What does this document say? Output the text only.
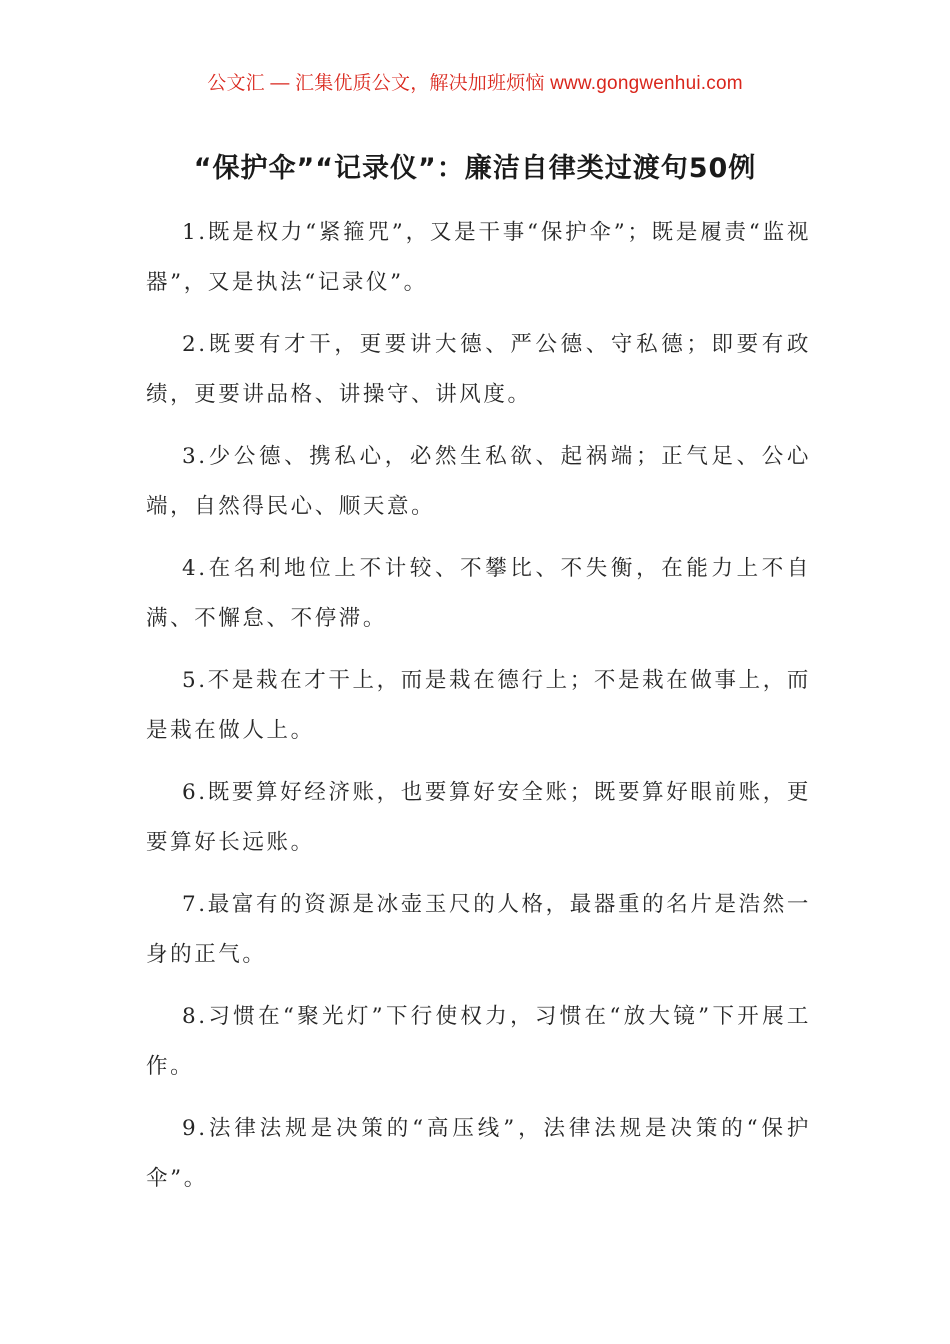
公文汇 — 汇集优质公文，解决加班烦恼 www.gongwenhui.com
“保护伞”“记录仪”：廉洁自律类过渡句50例

1.既是权力“紧箍咒”，又是干事“保护伞”；既是履责“监视器”，又是执法“记录仪”。

2.既要有才干，更要讲大德、严公德、守私德；即要有政绩，更要讲品格、讲操守、讲风度。

3.少公德、携私心，必然生私欲、起祸端；正气足、公心端，自然得民心、顺天意。

4.在名利地位上不计较、不攀比、不失衡，在能力上不自满、不懈怠、不停滞。

5.不是栽在才干上，而是栽在德行上；不是栽在做事上，而是栽在做人上。

6.既要算好经济账，也要算好安全账；既要算好眼前账，更要算好长远账。

7.最富有的资源是冰壶玉尺的人格，最器重的名片是浩然一身的正气。

8.习惯在“聚光灯”下行使权力，习惯在“放大镜”下开展工作。

9.法律法规是决策的“高压线”，法律法规是决策的“保护伞”。
